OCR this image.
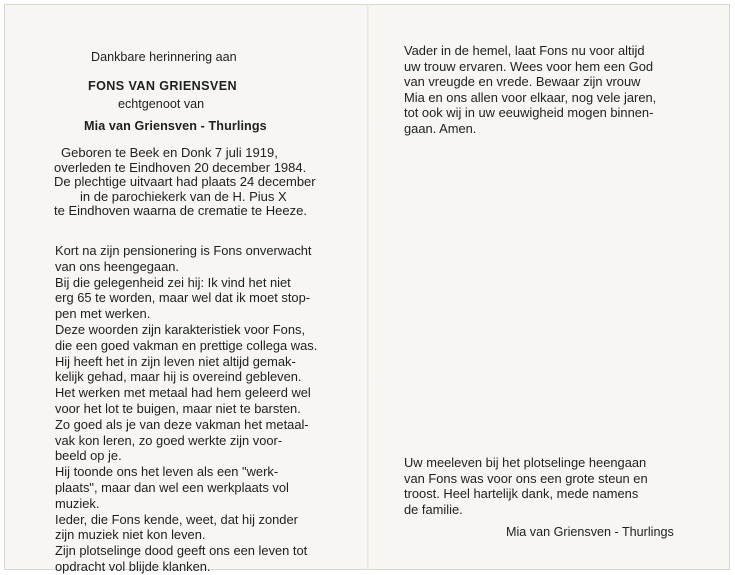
Dankbare herinnering aan
FONS VAN GRIENSVEN
echtgenoot van
Mia van Griensven - Thurlings
Geboren te Beek en Donk 7 juli 1919,
overleden te Eindhoven 20 december 1984.
De plechtige uitvaart had plaats 24 december
in de parochiekerk van de H. Pius X
te Eindhoven waarna de crematie te Heeze.
Kort na zijn pensionering is Fons onverwacht
van ons heengegaan.
Bij die gelegenheid zei hij: Ik vind het niet
erg 65 te worden, maar wel dat ik moet stop-
pen met werken.
Deze woorden zijn karakteristiek voor Fons,
die een goed vakman en prettige collega was.
Hij heeft het in zijn leven niet altijd gemak-
kelijk gehad, maar hij is overeind gebleven.
Het werken met metaal had hem geleerd wel
voor het lot te buigen, maar niet te barsten.
Zo goed als je van deze vakman het metaal-
vak kon leren, zo goed werkte zijn voor-
beeld op je.
Hij toonde ons het leven als een "werk-
plaats", maar dan wel een werkplaats vol
muziek.
Ieder, die Fons kende, weet, dat hij zonder
zijn muziek niet kon leven.
Zijn plotselinge dood geeft ons een leven tot
opdracht vol blijde klanken.
Vader in de hemel, laat Fons nu voor altijd
uw trouw ervaren. Wees voor hem een God
van vreugde en vrede. Bewaar zijn vrouw
Mia en ons allen voor elkaar, nog vele jaren,
tot ook wij in uw eeuwigheid mogen binnen-
gaan. Amen.
Uw meeleven bij het plotselinge heengaan
van Fons was voor ons een grote steun en
troost. Heel hartelijk dank, mede namens
de familie.
Mia van Griensven - Thurlings
